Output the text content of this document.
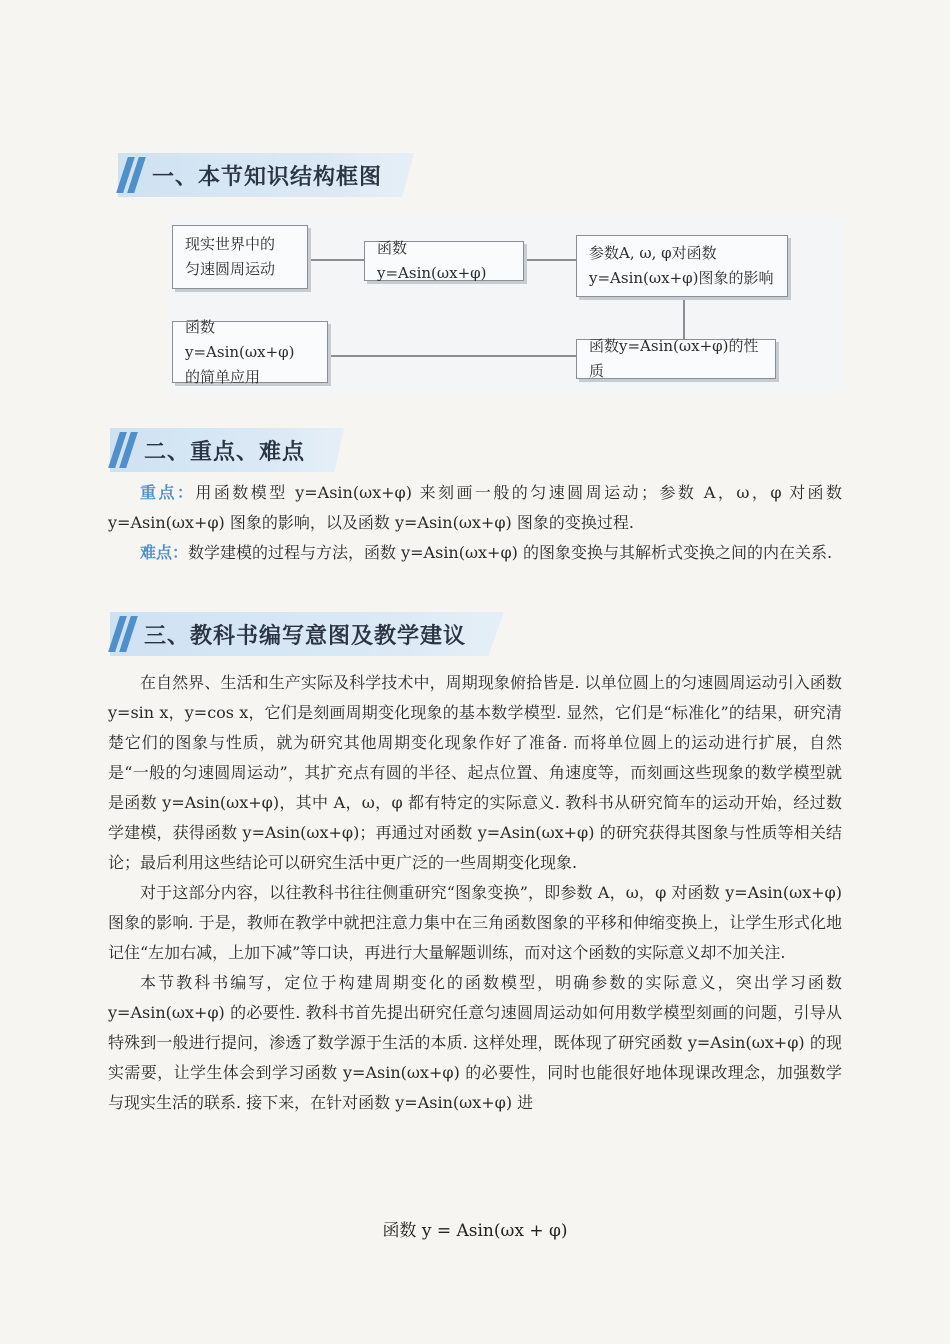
一、本节知识结构框图
现实世界中的
匀速圆周运动
函数y=Asin(ωx+φ)
参数A, ω, φ对函数
y=Asin(ωx+φ)图象的影响
函数y=Asin(ωx+φ)
的简单应用
函数y=Asin(ωx+φ)的性质
二、重点、难点

重点：用函数模型 y=Asin(ωx+φ) 来刻画一般的匀速圆周运动；参数 A，ω，φ 对函数 y=Asin(ωx+φ) 图象的影响，以及函数 y=Asin(ωx+φ) 图象的变换过程.

难点：数学建模的过程与方法，函数 y=Asin(ωx+φ) 的图象变换与其解析式变换之间的内在关系.

三、教科书编写意图及教学建议

在自然界、生活和生产实际及科学技术中，周期现象俯拾皆是. 以单位圆上的匀速圆周运动引入函数 y=sin x，y=cos x，它们是刻画周期变化现象的基本数学模型. 显然，它们是“标准化”的结果，研究清楚它们的图象与性质，就为研究其他周期变化现象作好了准备. 而将单位圆上的运动进行扩展，自然是“一般的匀速圆周运动”，其扩充点有圆的半径、起点位置、角速度等，而刻画这些现象的数学模型就是函数 y=Asin(ωx+φ)，其中 A，ω，φ 都有特定的实际意义. 教科书从研究简车的运动开始，经过数学建模，获得函数 y=Asin(ωx+φ)；再通过对函数 y=Asin(ωx+φ) 的研究获得其图象与性质等相关结论；最后利用这些结论可以研究生活中更广泛的一些周期变化现象.

对于这部分内容，以往教科书往往侧重研究“图象变换”，即参数 A，ω，φ 对函数 y=Asin(ωx+φ) 图象的影响. 于是，教师在教学中就把注意力集中在三角函数图象的平移和伸缩变换上，让学生形式化地记住“左加右减，上加下减”等口诀，再进行大量解题训练，而对这个函数的实际意义却不加关注.

本节教科书编写，定位于构建周期变化的函数模型，明确参数的实际意义，突出学习函数 y=Asin(ωx+φ) 的必要性. 教科书首先提出研究任意匀速圆周运动如何用数学模型刻画的问题，引导从特殊到一般进行提问，渗透了数学源于生活的本质. 这样处理，既体现了研究函数 y=Asin(ωx+φ) 的现实需要，让学生体会到学习函数 y=Asin(ωx+φ) 的必要性，同时也能很好地体现课改理念，加强数学与现实生活的联系. 接下来，在针对函数 y=Asin(ωx+φ) 进

函数 y = Asin(ωx + φ)
